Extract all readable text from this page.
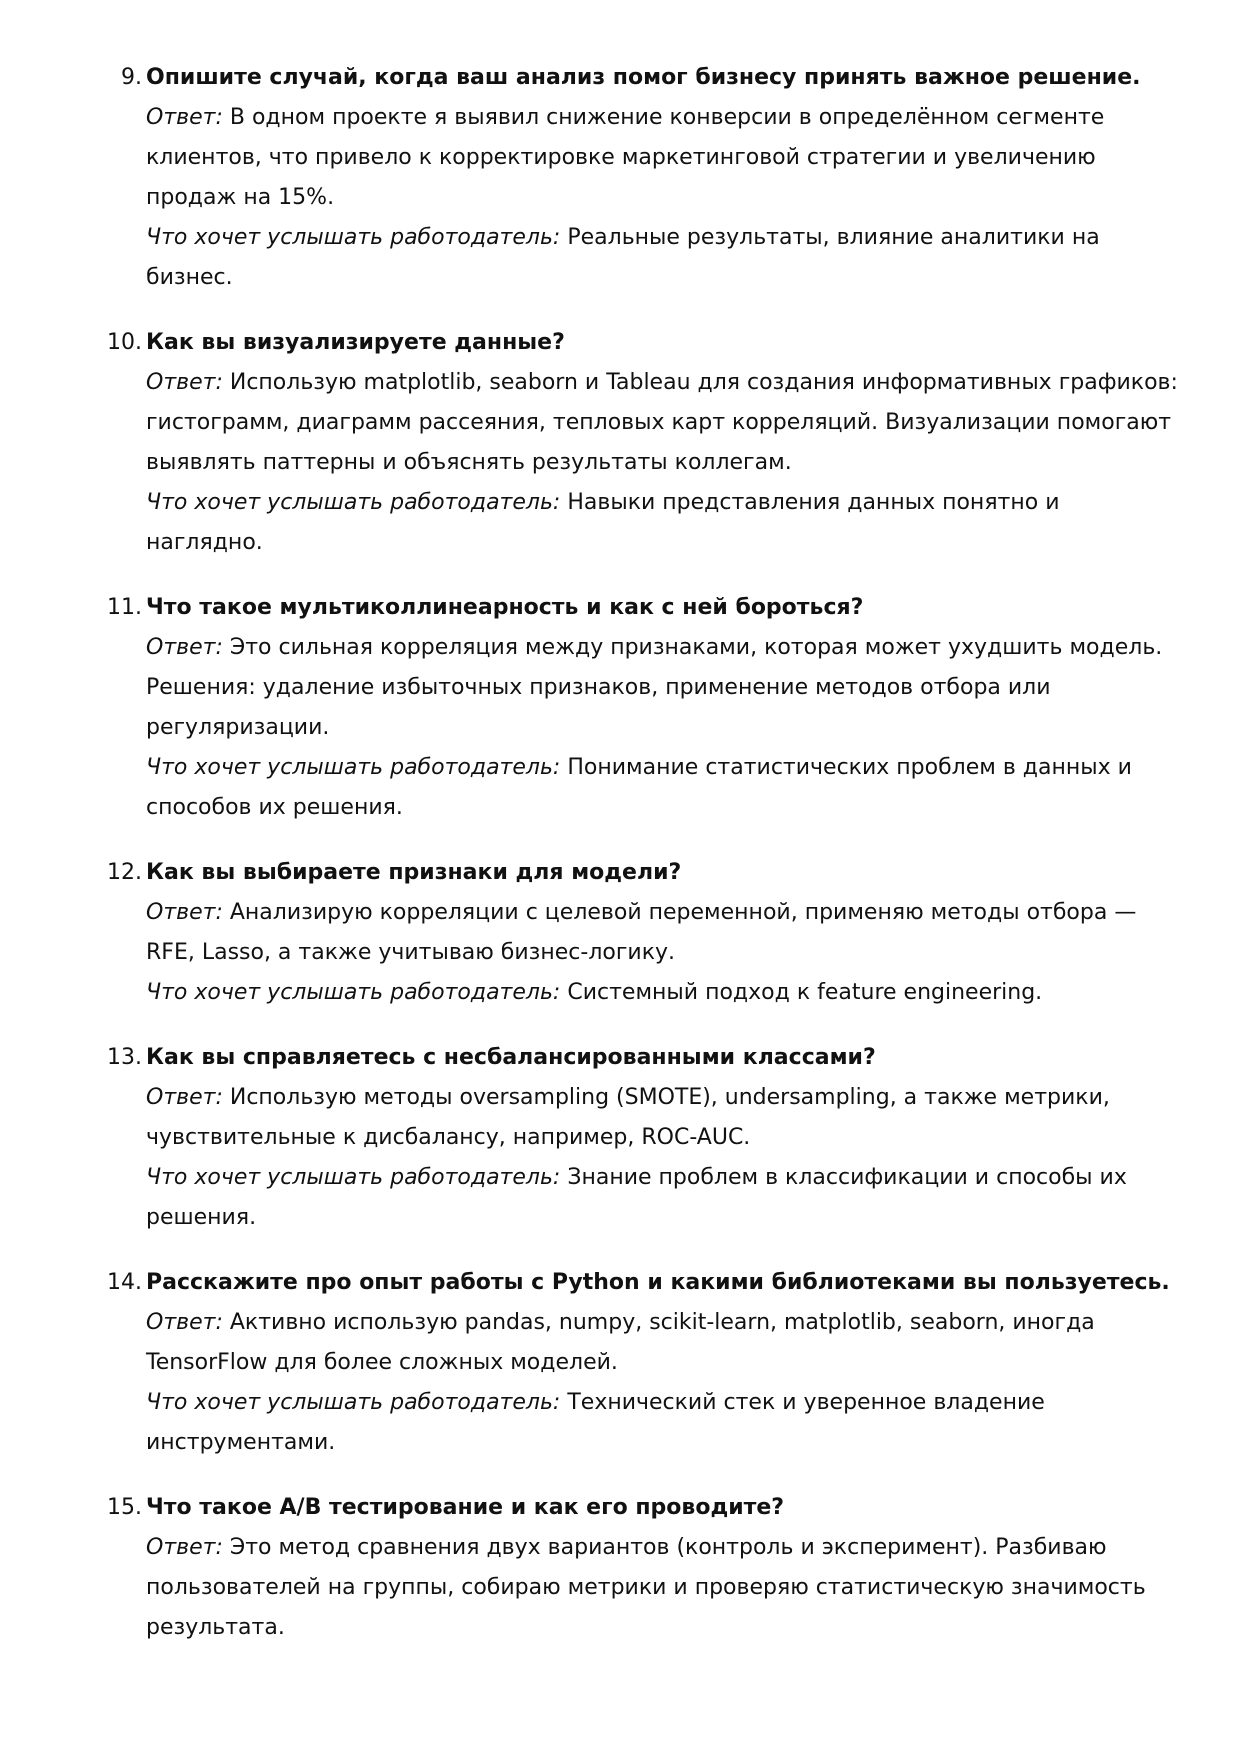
9. Опишите случай, когда ваш анализ помог бизнесу принять важное решение.
Ответ: В одном проекте я выявил снижение конверсии в определённом сегменте клиентов, что привело к корректировке маркетинговой стратегии и увеличению продаж на 15%.
Что хочет услышать работодатель: Реальные результаты, влияние аналитики на бизнес.
10. Как вы визуализируете данные?
Ответ: Использую matplotlib, seaborn и Tableau для создания информативных графиков: гистограмм, диаграмм рассеяния, тепловых карт корреляций. Визуализации помогают выявлять паттерны и объяснять результаты коллегам.
Что хочет услышать работодатель: Навыки представления данных понятно и наглядно.
11. Что такое мультиколлинеарность и как с ней бороться?
Ответ: Это сильная корреляция между признаками, которая может ухудшить модель. Решения: удаление избыточных признаков, применение методов отбора или регуляризации.
Что хочет услышать работодатель: Понимание статистических проблем в данных и способов их решения.
12. Как вы выбираете признаки для модели?
Ответ: Анализирую корреляции с целевой переменной, применяю методы отбора — RFE, Lasso, а также учитываю бизнес-логику.
Что хочет услышать работодатель: Системный подход к feature engineering.
13. Как вы справляетесь с несбалансированными классами?
Ответ: Использую методы oversampling (SMOTE), undersampling, а также метрики, чувствительные к дисбалансу, например, ROC-AUC.
Что хочет услышать работодатель: Знание проблем в классификации и способы их решения.
14. Расскажите про опыт работы с Python и какими библиотеками вы пользуетесь.
Ответ: Активно использую pandas, numpy, scikit-learn, matplotlib, seaborn, иногда TensorFlow для более сложных моделей.
Что хочет услышать работодатель: Технический стек и уверенное владение инструментами.
15. Что такое A/B тестирование и как его проводите?
Ответ: Это метод сравнения двух вариантов (контроль и эксперимент). Разбиваю пользователей на группы, собираю метрики и проверяю статистическую значимость результата.
